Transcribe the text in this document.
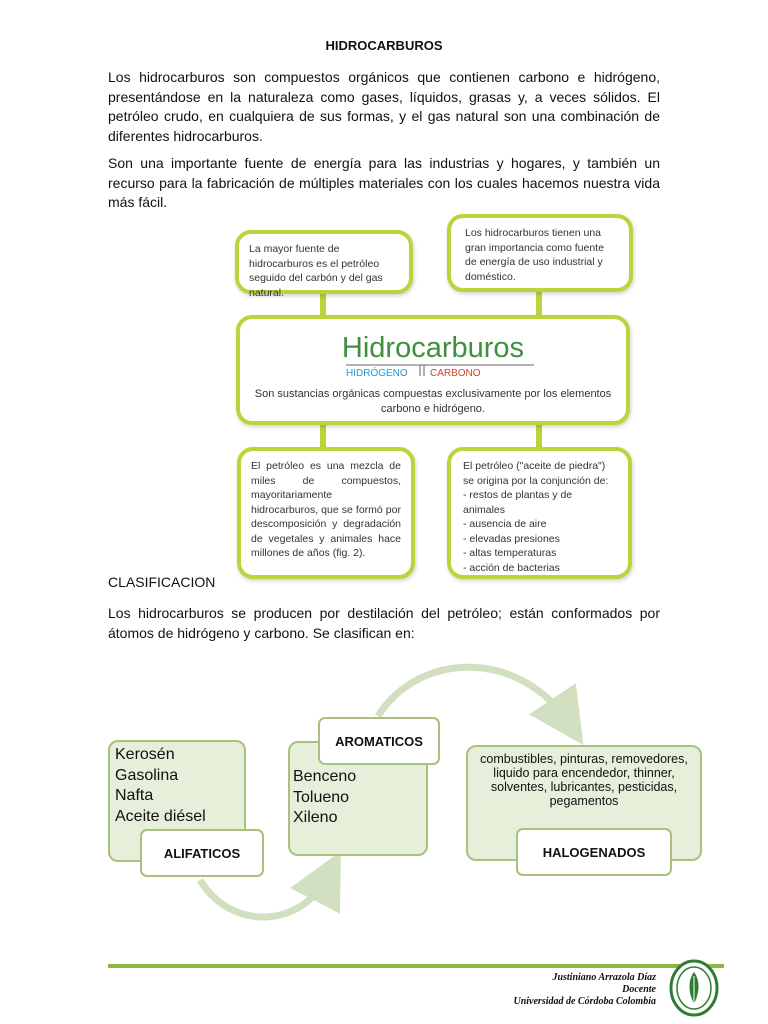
HIDROCARBUROS
Los hidrocarburos son compuestos orgánicos que contienen carbono e hidrógeno, presentándose en la naturaleza como gases, líquidos, grasas y, a veces sólidos. El petróleo crudo, en cualquiera de sus formas, y el gas natural son una combinación de diferentes hidrocarburos.
Son una importante fuente de energía para las industrias y hogares, y también un recurso para la fabricación de múltiples materiales con los cuales hacemos nuestra vida más fácil.
La mayor fuente de hidrocarburos es el petróleo seguido del carbón y del gas natural.
Los hidrocarburos tienen una gran importancia como fuente de energía de uso industrial y doméstico.
Hidrocarburos
HIDRÓGENO CARBONO
Son sustancias orgánicas compuestas exclusivamente por los elementos carbono e hidrógeno.
El petróleo es una mezcla de miles de compuestos, mayoritariamente hidrocarburos, que se formó por descomposición y degradación de vegetales y animales hace millones de años (fig. 2).
El petróleo ("aceite de piedra") se origina por la conjunción de:
- restos de plantas y de animales
- ausencia de aire
- elevadas presiones
- altas temperaturas
- acción de bacterias
CLASIFICACION
Los hidrocarburos se producen por destilación del petróleo; están conformados por átomos de hidrógeno y carbono. Se clasifican en:
Kerosén
Gasolina
Nafta
Aceite diésel
ALIFATICOS
Benceno
Tolueno
Xileno
AROMATICOS
combustibles, pinturas, removedores, liquido para encendedor, thinner, solventes, lubricantes, pesticidas, pegamentos
HALOGENADOS
Justiniano Arrazola Díaz
Docente
Universidad de Córdoba Colombia
